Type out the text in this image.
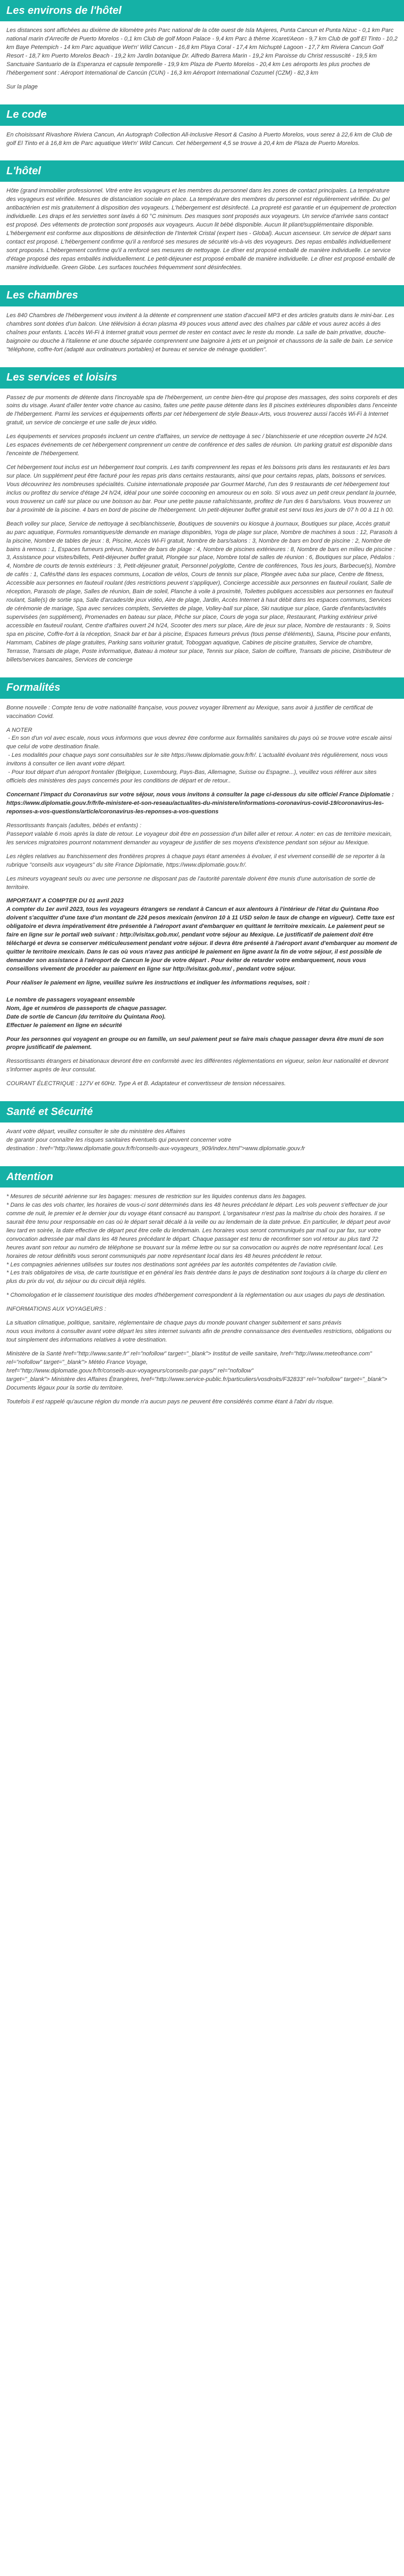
Les environs de l'hôtel

Les distances sont affichées au dixième de kilomètre près Parc national de la côte ouest de Isla Mujeres, Punta Cancun et Punta Nizuc - 0,1 km Parc national marin d'Arrecife de Puerto Morelos - 0,1 km Club de golf Moon Palace - 9,4 km Parc à thème Xcaret/Aeon - 9,7 km Club de golf El Tinto - 10,2 km Baye Petempich - 14 km Parc aquatique Wet'n' Wild Cancun - 16,8 km Playa Coral - 17,4 km Nichupté Lagoon - 17,7 km Riviera Cancun Golf Resort - 18,7 km Puerto Morelos Beach - 19,2 km Jardin botanique Dr. Alfredo Barrera Marin - 19,2 km Paroisse du Christ ressuscité - 19,5 km Sanctuaire Santuario de la Esperanza et capsule temporelle - 19,9 km Plaza de Puerto Morelos - 20,4 km Les aéroports les plus proches de l'hébergement sont : Aéroport International de Cancún (CUN) - 16,3 km Aéroport International Cozumel (CZM) - 82,3 km

Sur la plage

Le code

En choisissant Rivashore Riviera Cancun, An Autograph Collection All-Inclusive Resort & Casino à Puerto Morelos, vous serez à 22,6 km de Club de golf El Tinto et à 16,8 km de Parc aquatique Wet'n' Wild Cancun. Cet hébergement 4,5 se trouve à 20,4 km de Plaza de Puerto Morelos.

L'hôtel

Hôte (grand immobilier professionnel. Vitré entre les voyageurs et les membres du personnel dans les zones de contact principales. La température des voyageurs est vérifiée. Mesures de distanciation sociale en place. La température des membres du personnel est régulièrement vérifiée. Du gel antibactérien est mis gratuitement à disposition des voyageurs. L'hébergement est désinfecté. La propreté est garantie et un équipement de protection individuelle. Les draps et les serviettes sont lavés à 60 °C minimum. Des masques sont proposés aux voyageurs. Un service d'arrivée sans contact est proposé. Des vêtements de protection sont proposés aux voyageurs. Aucun lit bébé disponible. Aucun lit pliant/supplémentaire disponible. L'hébergement est conforme aux dispositions de désinfection de l'Intertek Cristal (expert Ises - Global). Aucun ascenseur. Un service de départ sans contact est proposé. L'hébergement confirme qu'il a renforcé ses mesures de sécurité vis-à-vis des voyageurs. Des repas emballés individuellement sont proposés. L'hébergement confirme qu'il a renforcé ses mesures de nettoyage. Le dîner est proposé emballé de manière individuelle. Le service d'étage proposé des repas emballés individuellement. Le petit-déjeuner est proposé emballé de manière individuelle. Le dîner est proposé emballé de manière individuelle. Green Globe. Les surfaces touchées fréquemment sont désinfectées.

Les chambres

Les 840 Chambres de l'hébergement vous invitent à la détente et comprennent une station d'accueil MP3 et des articles gratuits dans le mini-bar. Les chambres sont dotées d'un balcon. Une télévision à écran plasma 49 pouces vous attend avec des chaînes par câble et vous aurez accès à des chaînes pour enfants. L'accès Wi-Fi à Internet gratuit vous permet de rester en contact avec le reste du monde. La salle de bain privative, douche-baignoire ou douche à l'italienne et une douche séparée comprennent une baignoire à jets et un peignoir et chaussons de la salle de bain. Le service "téléphone, coffre-fort (adapté aux ordinateurs portables) et bureau et service de ménage quotidien".

Les services et loisirs

Passez de pur moments de détente dans l'incroyable spa de l'hébergement, un centre bien-être qui propose des massages, des soins corporels et des soins du visage. Avant d'aller tenter votre chance au casino, faites une petite pause détente dans les 8 piscines extérieures disponibles dans l'enceinte de l'hébergement. Parmi les services et équipements offerts par cet hébergement de style Beaux-Arts, vous trouverez aussi l'accès Wi-Fi à Internet gratuit, un service de concierge et une salle de jeux vidéo.

Les équipements et services proposés incluent un centre d'affaires, un service de nettoyage à sec / blanchisserie et une réception ouverte 24 h/24. Les espaces événements de cet hébergement comprennent un centre de conférence et des salles de réunion. Un parking gratuit est disponible dans l'enceinte de l'hébergement.

Cet hébergement tout inclus est un hébergement tout compris. Les tarifs comprennent les repas et les boissons pris dans les restaurants et les bars sur place. Un supplément peut être facturé pour les repas pris dans certains restaurants, ainsi que pour certains repas, plats, boissons et services. Vous découvrirez les nombreuses spécialités. Cuisine internationale proposée par Gourmet Marché, l'un des 9 restaurants de cet hébergement tout inclus ou profitez du service d'étage 24 h/24, idéal pour une soirée cocooning en amoureux ou en solo. Si vous avez un petit creux pendant la journée, vous trouverez un café sur place ou une boisson au bar. Pour une petite pause rafraîchissante, profitez de l'un des 6 bars/salons. Vous trouverez un bar à proximité de la piscine. 4 bars en bord de piscine de l'hébergement. Un petit-déjeuner buffet gratuit est servi tous les jours de 07 h 00 à 11 h 00.

Beach volley sur place, Service de nettoyage à sec/blanchisserie, Boutiques de souvenirs ou kiosque à journaux, Boutiques sur place, Accès gratuit au parc aquatique, Formules romantiques/de demande en mariage disponibles, Yoga de plage sur place, Nombre de machines à sous : 12, Parasols à la piscine, Nombre de tables de jeux : 8, Piscine, Accès Wi-Fi gratuit, Nombre de bars/salons : 3, Nombre de bars en bord de piscine : 2, Nombre de bains à remous : 1, Espaces fumeurs prévus, Nombre de bars de plage : 4, Nombre de piscines extérieures : 8, Nombre de bars en milieu de piscine : 3, Assistance pour visites/billets, Petit-déjeuner buffet gratuit, Plongée sur place, Nombre total de salles de réunion : 6, Boutiques sur place, Pédalos : 4, Nombre de courts de tennis extérieurs : 3, Petit-déjeuner gratuit, Personnel polyglotte, Centre de conférences, Tous les jours, Barbecue(s), Nombre de cafés : 1, Cafés/thé dans les espaces communs, Location de vélos, Cours de tennis sur place, Plongée avec tuba sur place, Centre de fitness, Accessible aux personnes en fauteuil roulant (des restrictions peuvent s'appliquer), Concierge accessible aux personnes en fauteuil roulant, Salle de réception, Parasols de plage, Salles de réunion, Bain de soleil, Planche à voile à proximité, Toilettes publiques accessibles aux personnes en fauteuil roulant, Salle(s) de sortie spa, Salle d'arcades/de jeux vidéo, Aire de plage, Jardin, Accès Internet à haut débit dans les espaces communs, Services de cérémonie de mariage, Spa avec services complets, Serviettes de plage, Volley-ball sur place, Ski nautique sur place, Garde d'enfants/activités supervisées (en supplément), Promenades en bateau sur place, Pêche sur place, Cours de yoga sur place, Restaurant, Parking extérieur privé accessible en fauteuil roulant, Centre d'affaires ouvert 24 h/24, Scooter des mers sur place, Aire de jeux sur place, Nombre de restaurants : 9, Soins spa en piscine, Coffre-fort à la réception, Snack bar et bar à piscine, Espaces fumeurs prévus (tous pense d'éléments), Sauna, Piscine pour enfants, Hammam, Cabines de plage gratuites, Parking sans voiturier gratuit, Toboggan aquatique, Cabines de piscine gratuites, Service de chambre, Terrasse, Transats de plage, Poste informatique, Bateau à moteur sur place, Tennis sur place, Salon de coiffure, Transats de piscine, Distributeur de billets/services bancaires, Services de concierge

Formalités

Bonne nouvelle : Compte tenu de votre nationalité française, vous pouvez voyager librement au Mexique, sans avoir à justifier de certificat de vaccination Covid.

A NOTER
- En son d'un vol avec escale, nous vous informons que vous devrez être conforme aux formalités sanitaires du pays où se trouve votre escale ainsi que celui de votre destination finale.
- Les modalités pour chaque pays sont consultables sur le site https://www.diplomatie.gouv.fr/fr/. L'actualité évoluant très régulièrement, nous vous invitons à consulter ce lien avant votre départ.
- Pour tout départ d'un aéroport frontalier (Belgique, Luxembourg, Pays-Bas, Allemagne, Suisse ou Espagne...), veuillez vous référer aux sites officiels des ministères des pays concernés pour les conditions de départ et de retour..

Concernant l'impact du Coronavirus sur votre séjour, nous vous invitons à consulter la page ci-dessous du site officiel France Diplomatie :
https://www.diplomatie.gouv.fr/fr/le-ministere-et-son-reseau/actualites-du-ministere/informations-coronavirus-covid-19/coronavirus-les-reponses-a-vos-questions/article/coronavirus-les-reponses-a-vos-questions

Ressortissants français (adultes, bébés et enfants) :
Passeport valable 6 mois après la date de retour. Le voyageur doit être en possession d'un billet aller et retour. A noter: en cas de territoire mexicain, les services migratoires pourront notamment demander au voyageur de justifier de ses moyens d'existence pendant son séjour au Mexique.

Les règles relatives au franchissement des frontières propres à chaque pays étant amenées à évoluer, il est vivement conseillé de se reporter à la rubrique "conseils aux voyageurs" du site France Diplomatie, https://www.diplomatie.gouv.fr/.

Les mineurs voyageant seuls ou avec une personne ne disposant pas de l'autorité parentale doivent être munis d'une autorisation de sortie de territoire.

IMPORTANT A COMPTER DU 01 avril 2023
A compter du 1er avril 2023, tous les voyageurs étrangers se rendant à Cancun et aux alentours à l'intérieur de l'état du Quintana Roo doivent s'acquitter d'une taxe d'un montant de 224 pesos mexicain (environ 10 à 11 USD selon le taux de change en vigueur). Cette taxe est obligatoire et devra impérativement être présentée à l'aéroport avant d'embarquer en quittant le territoire mexicain. Le paiement peut se faire en ligne sur le portail web suivant : http://visitax.gob.mx/, pendant votre séjour au Mexique. Le justificatif de paiement doit être téléchargé et devra se conserver méticuleusement pendant votre séjour. Il devra être présenté à l'aéroport avant d'embarquer au moment de quitter le territoire mexicain. Dans le cas où vous n'avez pas anticipé le paiement en ligne avant la fin de votre séjour, il est possible de demander son assistance à l'aéroport de Cancun le jour de votre départ . Pour éviter de retarder votre embarquement, nous vous conseillons vivement de procéder au paiement en ligne sur http://visitax.gob.mx/ , pendant votre séjour.

Pour réaliser le paiement en ligne, veuillez suivre les instructions et indiquer les informations requises, soit :

Le nombre de passagers voyageant ensemble
Nom, âge et numéros de passeports de chaque passager.
Date de sortie de Cancun (du territoire du Quintana Roo).
Effectuer le paiement en ligne en sécurité

Pour les personnes qui voyagent en groupe ou en famille, un seul paiement peut se faire mais chaque passager devra être muni de son propre justificatif de paiement.

Ressortissants étrangers et binationaux devront être en conformité avec les différentes réglementations en vigueur, selon leur nationalité et devront s'informer auprès de leur consulat.

COURANT ÉLECTRIQUE : 127V et 60Hz. Type A et B. Adaptateur et convertisseur de tension nécessaires.

Santé et Sécurité

Avant votre départ, veuillez consulter le site du ministère des Affaires
de garantir pour connaître les risques sanitaires éventuels qui peuvent concerner votre
destination : href="http://www.diplomatie.gouv.fr/fr/conseils-aux-voyageurs_909/index.html">www.diplomatie.gouv.fr

Attention

* Mesures de sécurité aérienne sur les bagages: mesures de restriction sur les liquides contenus dans les bagages.
* Dans le cas des vols charter, les horaires de vous-ci sont déterminés dans les 48 heures précédant le départ. Les vols peuvent s'effectuer de jour comme de nuit, le premier et le dernier jour du voyage étant consacré au transport. L'organisateur n'est pas la maîtrise du choix des horaires. Il se saurait être tenu pour responsable en cas où le départ serait décalé à la veille ou au lendemain de la date prévue. En particulier, le départ peut avoir lieu tard en soirée, la date effective de départ peut être celle du lendemain. Les horaires vous seront communiqués par mail ou par fax, sur votre convocation adressée par mail dans les 48 heures précédant le départ. Chaque passager est tenu de reconfirmer son vol retour au plus tard 72 heures avant son retour au numéro de téléphone se trouvant sur la même lettre ou sur sa convocation ou auprès de notre représentant local. Les horaires de retour définitifs vous seront communiqués par notre représentant local dans les 48 heures précédent le retour.
* Les compagnies aériennes utilisées sur toutes nos destinations sont agréées par les autorités compétentes de l'aviation civile.
* Les trais obligatoires de visa, de carte touristique et en général les frais dentrée dans le pays de destination sont toujours à la charge du client en plus du prix du vol, du séjour ou du circuit déjà réglés.

* Chomologation et le classement touristique des modes d'hébergement correspondent à la réglementation ou aux usages du pays de destination.

INFORMATIONS AUX VOYAGEURS :

La situation climatique, politique, sanitaire, réglementaire de chaque pays du monde pouvant changer subitement et sans préavis
nous vous invitons à consulter avant votre départ les sites internet suivants afin de prendre connaissance des éventuelles restrictions, obligations ou tout simplement des informations relatives à votre destination.

Ministère de la Santé href="http://www.sante.fr" rel="nofollow" target="_blank"> Institut de veille sanitaire, href="http://www.meteofrance.com" rel="nofollow" target="_blank"> Météo France Voyage,
href="http://www.diplomatie.gouv.fr/fr/conseils-aux-voyageurs/conseils-par-pays/" rel="nofollow"
target="_blank"> Ministère des Affaires Étrangères, href="http://www.service-public.fr/particuliers/vosdroits/F32833" rel="nofollow" target="_blank"> Documents légaux pour la sortie du territoire.

Toutefois il est rappelé qu'aucune région du monde n'a aucun pays ne peuvent être considérés comme étant à l'abri du risque.
